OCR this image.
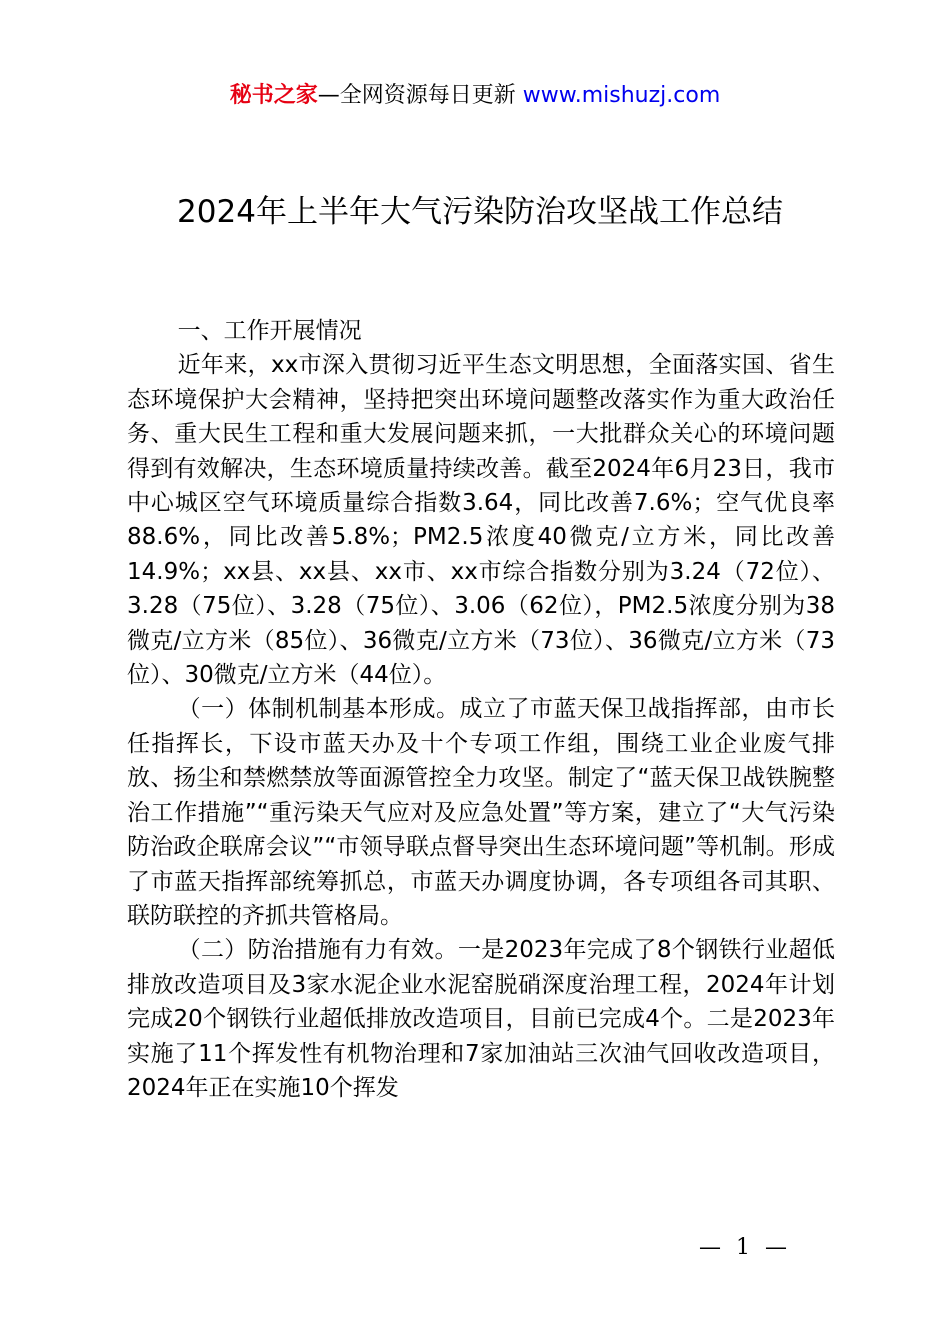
秘书之家—全网资源每日更新 www.mishuzj.com
2024年上半年大气污染防治攻坚战工作总结

一、工作开展情况

近年来，xx市深入贯彻习近平生态文明思想，全面落实国、省生态环境保护大会精神，坚持把突出环境问题整改落实作为重大政治任务、重大民生工程和重大发展问题来抓，一大批群众关心的环境问题得到有效解决，生态环境质量持续改善。截至2024年6月23日，我市中心城区空气环境质量综合指数3.64，同比改善7.6%；空气优良率88.6%，同比改善5.8%；PM2.5浓度40微克/立方米，同比改善14.9%；xx县、xx县、xx市、xx市综合指数分别为3.24（72位）、3.28（75位）、3.28（75位）、3.06（62位），PM2.5浓度分别为38微克/立方米（85位）、36微克/立方米（73位）、36微克/立方米（73位）、30微克/立方米（44位）。

（一）体制机制基本形成。成立了市蓝天保卫战指挥部，由市长任指挥长，下设市蓝天办及十个专项工作组，围绕工业企业废气排放、扬尘和禁燃禁放等面源管控全力攻坚。制定了“蓝天保卫战铁腕整治工作措施”“重污染天气应对及应急处置”等方案，建立了“大气污染防治政企联席会议”“市领导联点督导突出生态环境问题”等机制。形成了市蓝天指挥部统筹抓总，市蓝天办调度协调，各专项组各司其职、联防联控的齐抓共管格局。

（二）防治措施有力有效。一是2023年完成了8个钢铁行业超低排放改造项目及3家水泥企业水泥窑脱硝深度治理工程，2024年计划完成20个钢铁行业超低排放改造项目，目前已完成4个。二是2023年实施了11个挥发性有机物治理和7家加油站三次油气回收改造项目，2024年正在实施10个挥发

— 1 —
